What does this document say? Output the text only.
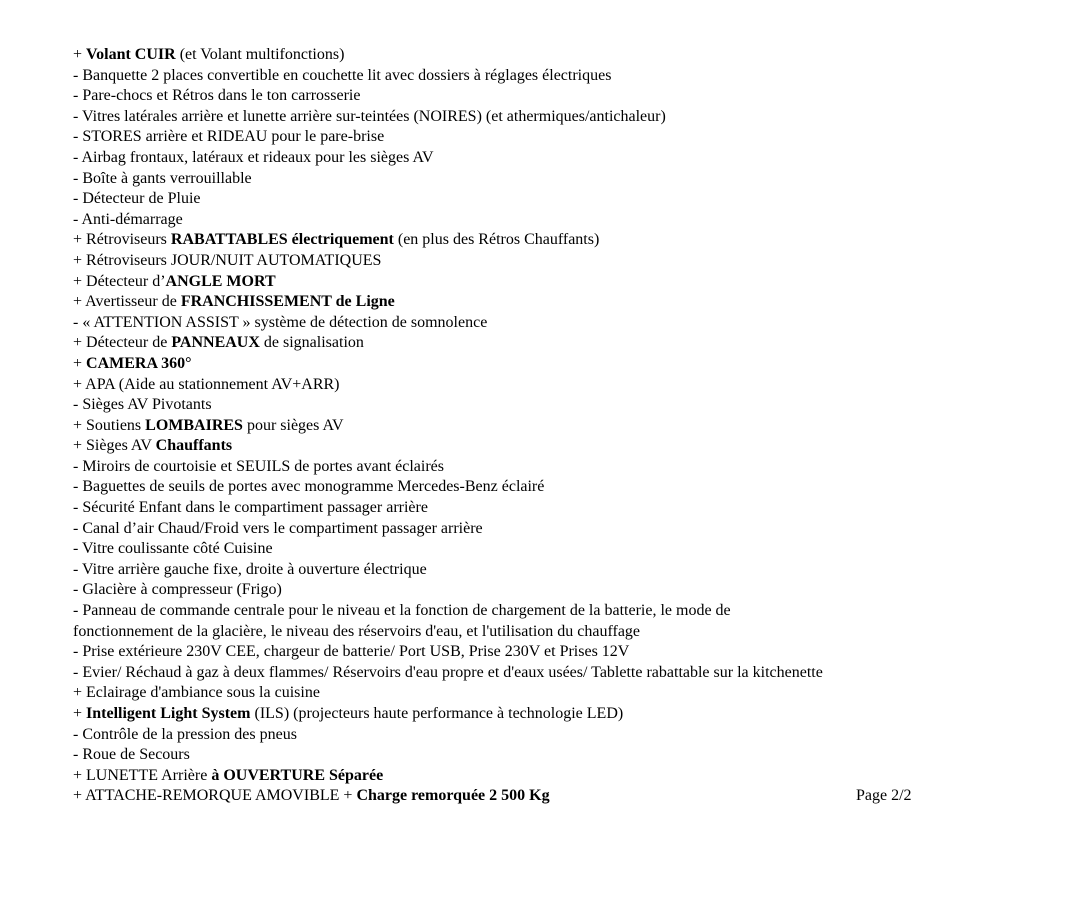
+ Volant CUIR (et Volant multifonctions)
- Banquette 2 places convertible en couchette lit avec dossiers à réglages électriques
- Pare-chocs et Rétros dans le ton carrosserie
- Vitres latérales arrière et lunette arrière sur-teintées (NOIRES) (et athermiques/antichaleur)
- STORES arrière et RIDEAU pour le pare-brise
- Airbag frontaux, latéraux et rideaux pour les sièges AV
- Boîte à gants verrouillable
- Détecteur de Pluie
- Anti-démarrage
+ Rétroviseurs RABATTABLES électriquement (en plus des Rétros Chauffants)
+ Rétroviseurs JOUR/NUIT AUTOMATIQUES
+ Détecteur d’ANGLE MORT
+ Avertisseur de FRANCHISSEMENT de Ligne
- « ATTENTION ASSIST » système de détection de somnolence
+ Détecteur de PANNEAUX de signalisation
+ CAMERA 360°
+ APA (Aide au stationnement AV+ARR)
- Sièges AV Pivotants
+ Soutiens LOMBAIRES pour sièges AV
+ Sièges AV Chauffants
- Miroirs de courtoisie et SEUILS de portes avant éclairés
- Baguettes de seuils de portes avec monogramme Mercedes-Benz éclairé
- Sécurité Enfant dans le compartiment passager arrière
- Canal d’air Chaud/Froid vers le compartiment passager arrière
- Vitre coulissante côté Cuisine
- Vitre arrière gauche fixe, droite à ouverture électrique
- Glacière à compresseur (Frigo)
- Panneau de commande centrale pour le niveau et la fonction de chargement de la batterie, le mode de
fonctionnement de la glacière, le niveau des réservoirs d'eau, et l'utilisation du chauffage
- Prise extérieure 230V CEE, chargeur de batterie/ Port USB, Prise 230V et Prises 12V
- Evier/ Réchaud à gaz à deux flammes/ Réservoirs d'eau propre et d'eaux usées/ Tablette rabattable sur la kitchenette
+ Eclairage d'ambiance sous la cuisine
+ Intelligent Light System (ILS) (projecteurs haute performance à technologie LED)
- Contrôle de la pression des pneus
- Roue de Secours
+ LUNETTE Arrière à OUVERTURE Séparée
+ ATTACHE-REMORQUE AMOVIBLE + Charge remorquée 2 500 Kg	Page 2/2
